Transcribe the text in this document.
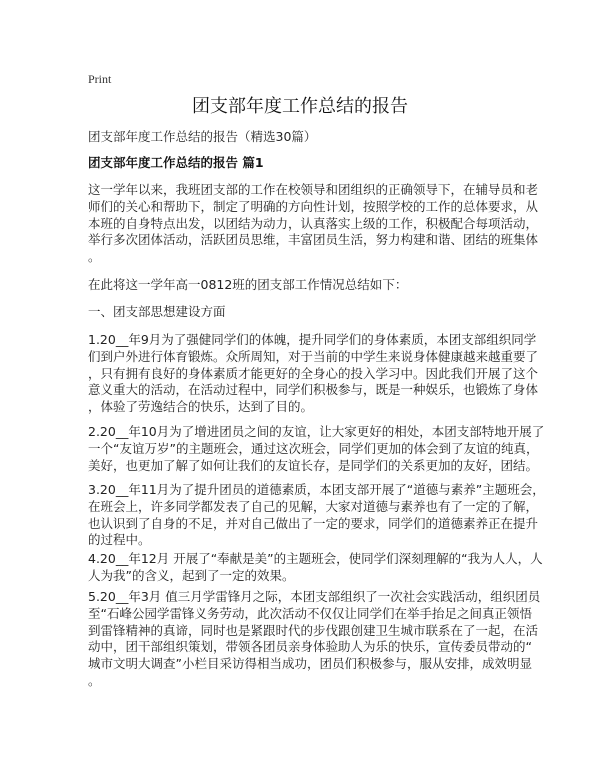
Print
团支部年度工作总结的报告
团支部年度工作总结的报告（精选30篇）
团支部年度工作总结的报告 篇1
这一学年以来，我班团支部的工作在校领导和团组织的正确领导下，在辅导员和老
师们的关心和帮助下，制定了明确的方向性计划，按照学校的工作的总体要求，从
本班的自身特点出发，以团结为动力，认真落实上级的工作，积极配合每项活动，
举行多次团体活动，活跃团员思维，丰富团员生活，努力构建和谐、团结的班集体
。
在此将这一学年高一0812班的团支部工作情况总结如下：
一、团支部思想建设方面
1.20__年9月为了强健同学们的体魄，提升同学们的身体素质，本团支部组织同学
们到户外进行体育锻炼。众所周知，对于当前的中学生来说身体健康越来越重要了
，只有拥有良好的身体素质才能更好的全身心的投入学习中。因此我们开展了这个
意义重大的活动，在活动过程中，同学们积极参与，既是一种娱乐，也锻炼了身体
，体验了劳逸结合的快乐，达到了目的。
2.20__年10月为了增进团员之间的友谊，让大家更好的相处，本团支部特地开展了
一个“友谊万岁”的主题班会，通过这次班会，同学们更加的体会到了友谊的纯真，
美好，也更加了解了如何让我们的友谊长存，是同学们的关系更加的友好，团结。
3.20__年11月为了提升团员的道德素质，本团支部开展了“道德与素养”主题班会，
在班会上，许多同学都发表了自己的见解，大家对道德与素养也有了一定的了解，
也认识到了自身的不足，并对自己做出了一定的要求，同学们的道德素养正在提升
的过程中。
4.20__年12月 开展了“奉献是美”的主题班会，使同学们深刻理解的“我为人人，人
人为我”的含义，起到了一定的效果。
5.20__年3月 值三月学雷锋月之际，本团支部组织了一次社会实践活动，组织团员
至“石峰公园学雷锋义务劳动，此次活动不仅仅让同学们在举手抬足之间真正领悟
到雷锋精神的真谛，同时也是紧跟时代的步伐跟创建卫生城市联系在了一起，在活
动中，团干部组织策划，带领各团员亲身体验助人为乐的快乐，宣传委员带动的“
城市文明大调查”小栏目采访得相当成功，团员们积极参与，服从安排，成效明显
。
